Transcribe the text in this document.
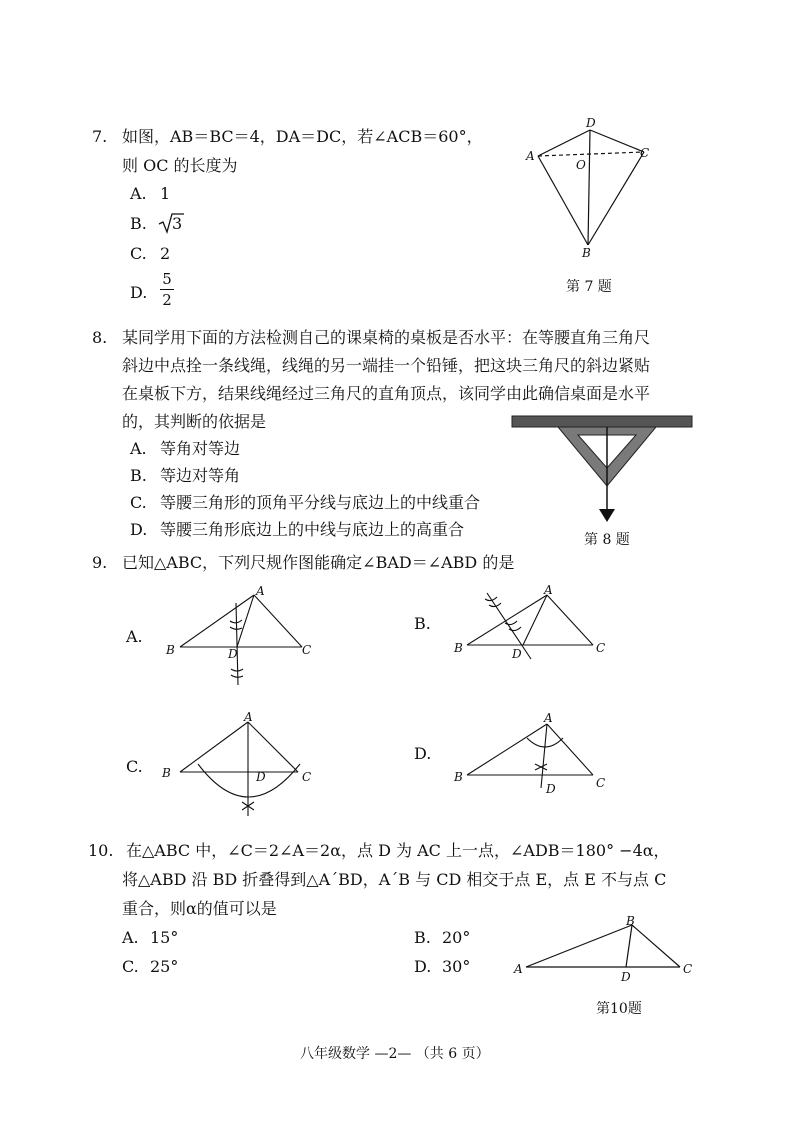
7. 如图，AB＝BC＝4，DA＝DC，若∠ACB＝60°，
则 OC 的长度为
A. 1
B. 3
C. 2
D.
5
2
D
A
O
C
B
第 7 题
8. 某同学用下面的方法检测自己的课桌椅的桌板是否水平：在等腰直角三角尺
斜边中点拴一条线绳，线绳的另一端挂一个铅锤，把这块三角尺的斜边紧贴
在桌板下方，结果线绳经过三角尺的直角顶点，该同学由此确信桌面是水平
的，其判断的依据是
A. 等角对等边
B. 等边对等角
C. 等腰三角形的顶角平分线与底边上的中线重合
D. 等腰三角形底边上的中线与底边上的高重合
第 8 题
9. 已知△ABC，下列尺规作图能确定∠BAD＝∠ABD 的是
A.
A
B	D	C
B.
A
B	D	C
C.
A
B	D	C
D.
A
B
D	C
10. 在△ABC 中，∠C＝2∠A＝2α，点 D 为 AC 上一点，∠ADB＝180° −4α，
将△ABD 沿 BD 折叠得到△A´BD，A´B 与 CD 相交于点 E，点 E 不与点 C
重合，则α的值可以是
A. 15°	B. 20°
C. 25°	D. 30°
B
A
D
C
第10题
八年级数学 —2— （共 6 页）
